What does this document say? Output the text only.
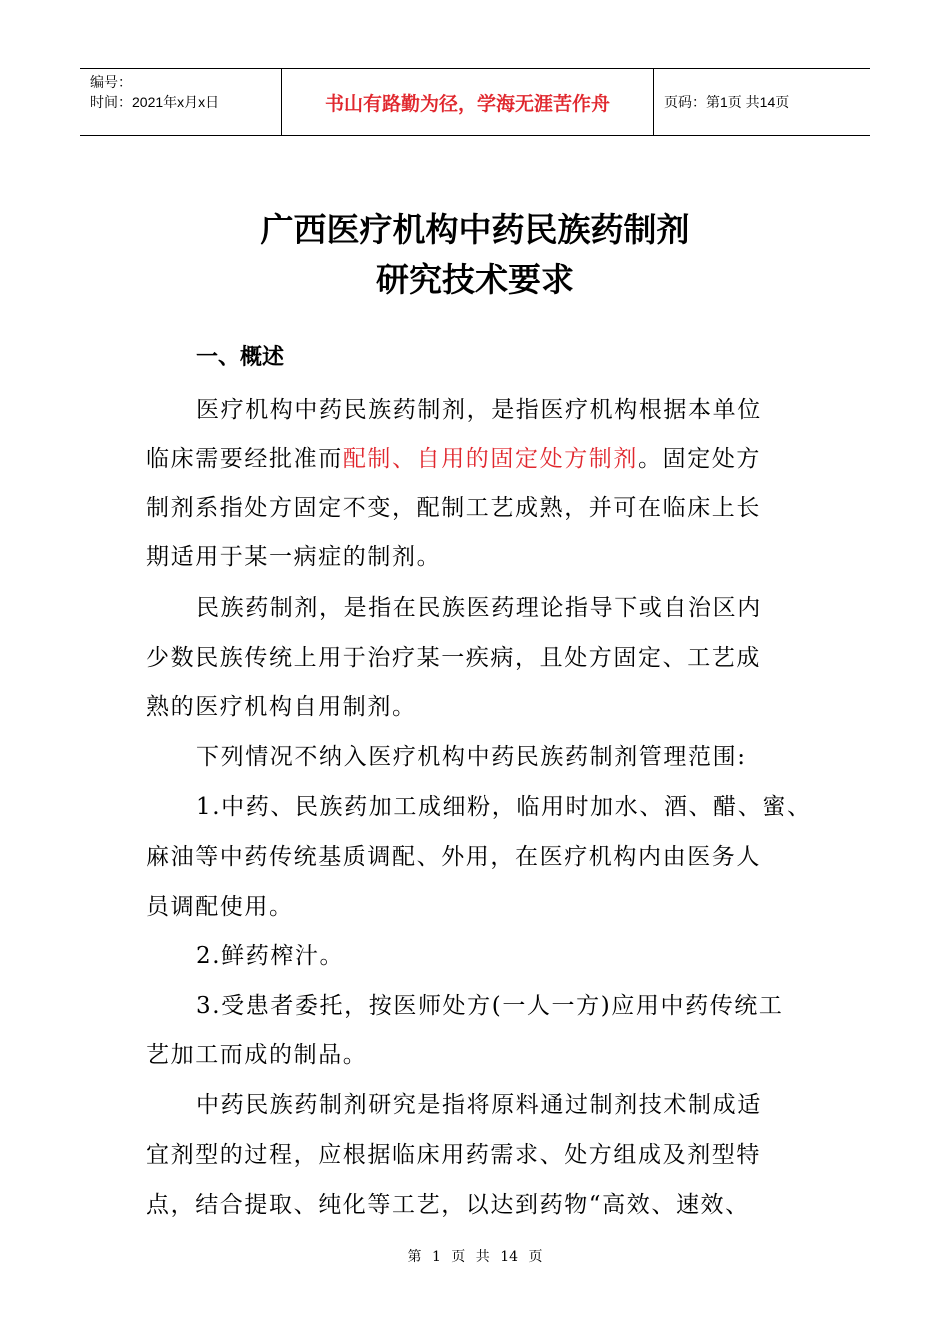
编号：
时间：2021年x月x日	书山有路勤为径，学海无涯苦作舟	页码：第1页 共14页
广西医疗机构中药民族药制剂
研究技术要求
一、概述
医疗机构中药民族药制剂，是指医疗机构根据本单位
临床需要经批准而配制、自用的固定处方制剂。固定处方
制剂系指处方固定不变，配制工艺成熟，并可在临床上长
期适用于某一病症的制剂。
民族药制剂，是指在民族医药理论指导下或自治区内
少数民族传统上用于治疗某一疾病，且处方固定、工艺成
熟的医疗机构自用制剂。
下列情况不纳入医疗机构中药民族药制剂管理范围:
1.中药、民族药加工成细粉，临用时加水、酒、醋、蜜、
麻油等中药传统基质调配、外用，在医疗机构内由医务人
员调配使用。
2.鲜药榨汁。
3.受患者委托，按医师处方(一人一方)应用中药传统工
艺加工而成的制品。
中药民族药制剂研究是指将原料通过制剂技术制成适
宜剂型的过程，应根据临床用药需求、处方组成及剂型特
点，结合提取、纯化等工艺，以达到药物“高效、速效、
第 1 页 共 14 页
